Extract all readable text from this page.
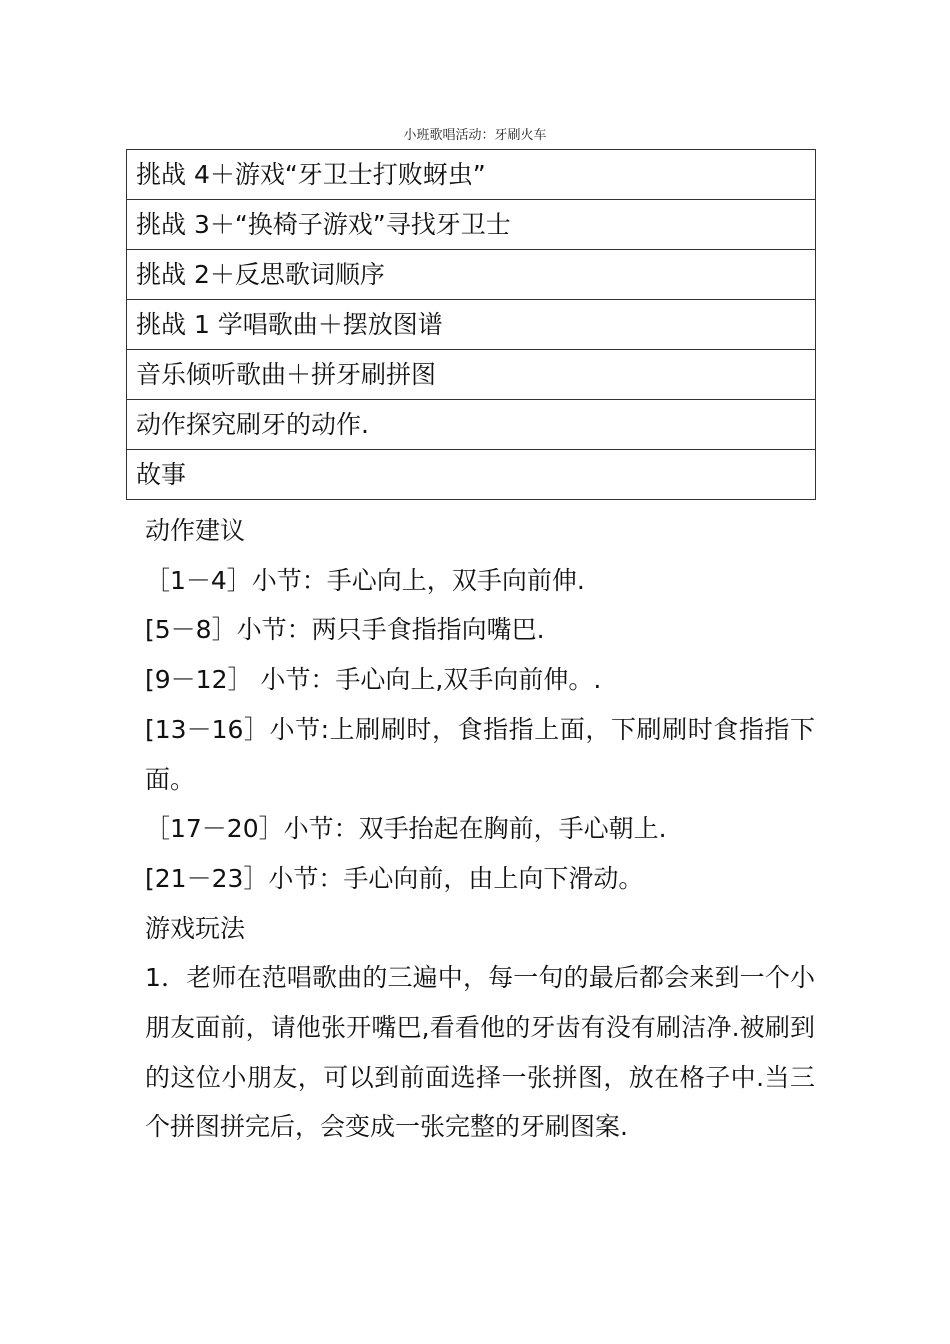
小班歌唱活动：牙刷火车
挑战 4＋游戏“牙卫士打败蚜虫”
挑战 3＋“换椅子游戏”寻找牙卫士
挑战 2＋反思歌词顺序
挑战 1 学唱歌曲＋摆放图谱
音乐倾听歌曲＋拼牙刷拼图
动作探究刷牙的动作.
故事

动作建议

［1－4］小节：手心向上，双手向前伸.

[5－8］小节：两只手食指指向嘴巴.

[9－12］ 小节：手心向上,双手向前伸。.

[13－16］小节:上刷刷时，食指指上面，下刷刷时食指指下面。

［17－20］小节：双手抬起在胸前，手心朝上.

[21－23］小节：手心向前，由上向下滑动。

游戏玩法

1．老师在范唱歌曲的三遍中，每一句的最后都会来到一个小朋友面前，请他张开嘴巴,看看他的牙齿有没有刷洁净.被刷到的这位小朋友，可以到前面选择一张拼图，放在格子中.当三个拼图拼完后，会变成一张完整的牙刷图案.
